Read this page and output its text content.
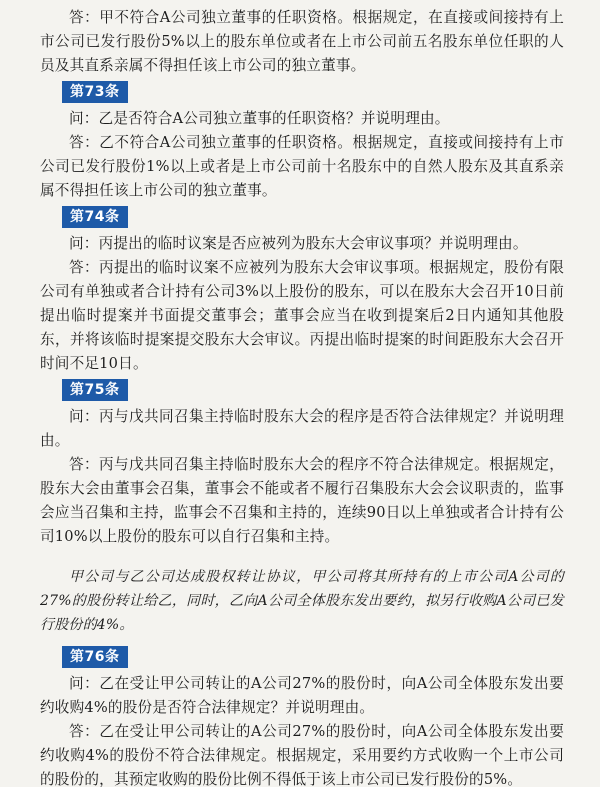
答：甲不符合A公司独立董事的任职资格。根据规定，在直接或间接持有上市公司已发行股份5%以上的股东单位或者在上市公司前五名股东单位任职的人员及其直系亲属不得担任该上市公司的独立董事。

第73条

问：乙是否符合A公司独立董事的任职资格？并说明理由。

答：乙不符合A公司独立董事的任职资格。根据规定，直接或间接持有上市公司已发行股份1%以上或者是上市公司前十名股东中的自然人股东及其直系亲属不得担任该上市公司的独立董事。

第74条

问：丙提出的临时议案是否应被列为股东大会审议事项？并说明理由。

答：丙提出的临时议案不应被列为股东大会审议事项。根据规定，股份有限公司有单独或者合计持有公司3%以上股份的股东，可以在股东大会召开10日前提出临时提案并书面提交董事会；董事会应当在收到提案后2日内通知其他股东，并将该临时提案提交股东大会审议。丙提出临时提案的时间距股东大会召开时间不足10日。

第75条

问：丙与戊共同召集主持临时股东大会的程序是否符合法律规定？并说明理由。

答：丙与戊共同召集主持临时股东大会的程序不符合法律规定。根据规定，股东大会由董事会召集，董事会不能或者不履行召集股东大会会议职责的，监事会应当召集和主持，监事会不召集和主持的，连续90日以上单独或者合计持有公司10%以上股份的股东可以自行召集和主持。

甲公司与乙公司达成股权转让协议，甲公司将其所持有的上市公司A公司的27%的股份转让给乙，同时，乙向A公司全体股东发出要约，拟另行收购A公司已发行股份的4%。

第76条

问：乙在受让甲公司转让的A公司27%的股份时，向A公司全体股东发出要约收购4%的股份是否符合法律规定？并说明理由。

答：乙在受让甲公司转让的A公司27%的股份时，向A公司全体股东发出要约收购4%的股份不符合法律规定。根据规定，采用要约方式收购一个上市公司的股份的，其预定收购的股份比例不得低于该上市公司已发行股份的5%。
